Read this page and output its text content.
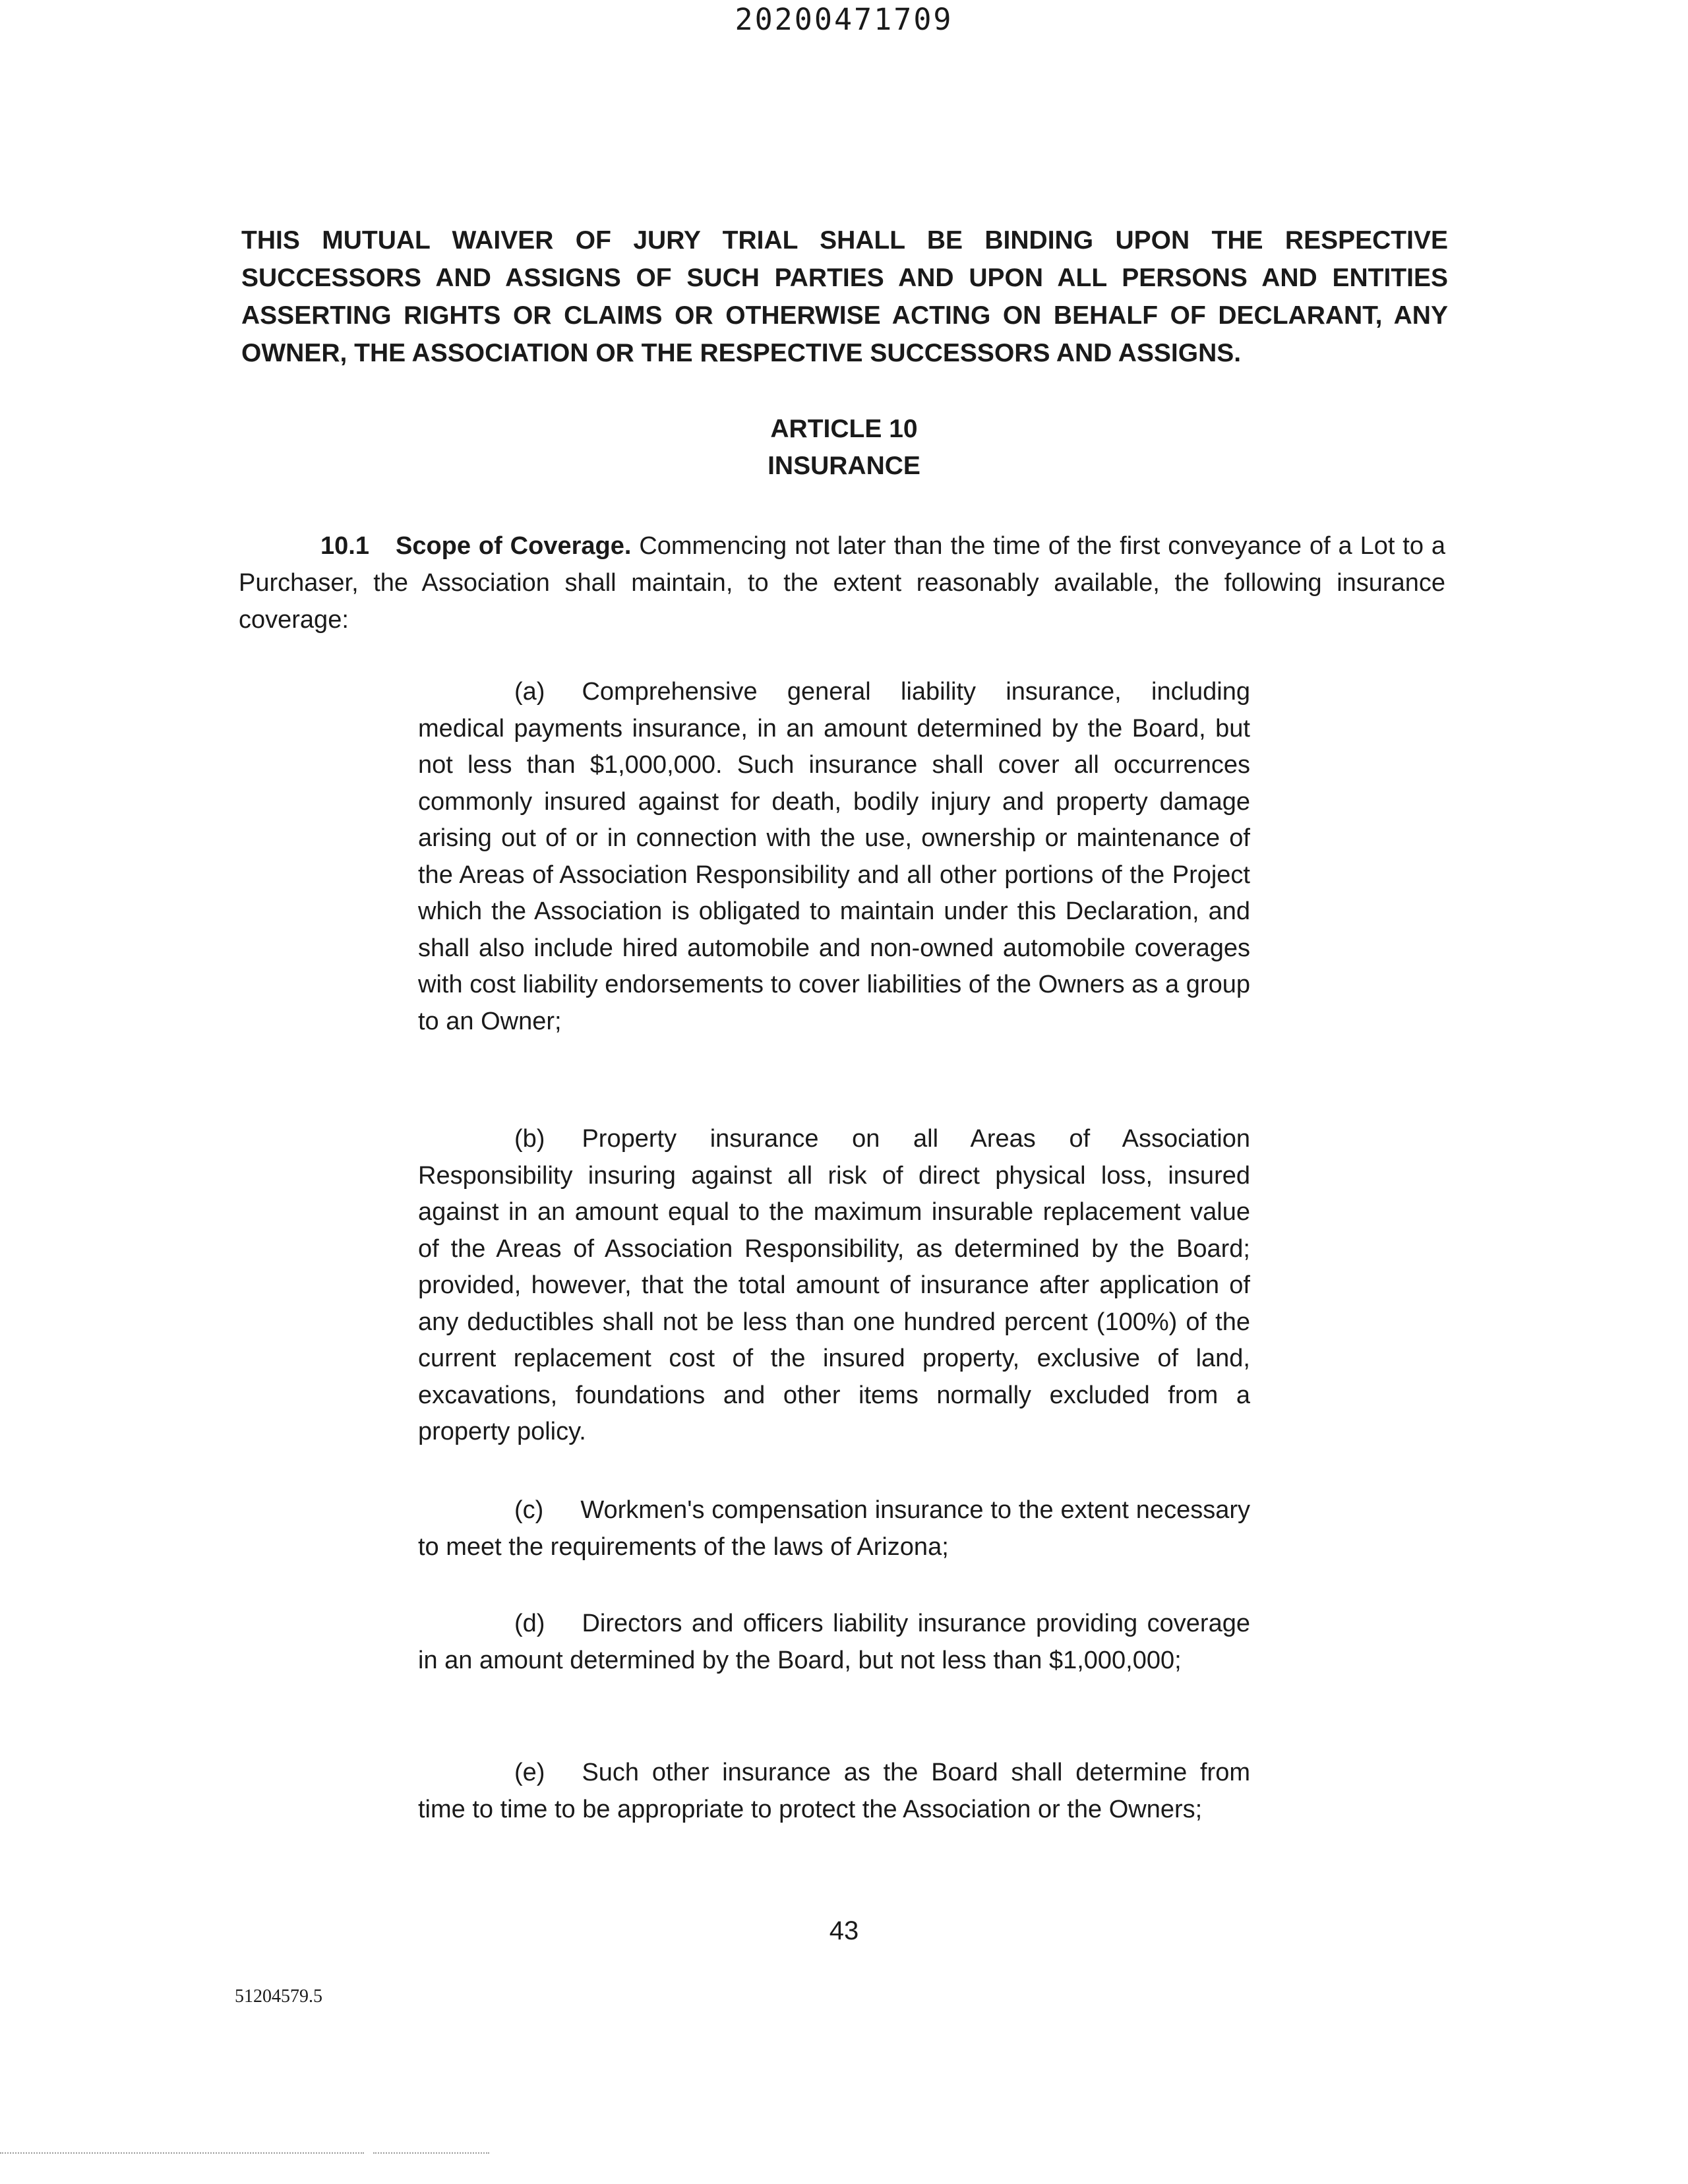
20200471709
THIS MUTUAL WAIVER OF JURY TRIAL SHALL BE BINDING UPON THE RESPECTIVE SUCCESSORS AND ASSIGNS OF SUCH PARTIES AND UPON ALL PERSONS AND ENTITIES ASSERTING RIGHTS OR CLAIMS OR OTHERWISE ACTING ON BEHALF OF DECLARANT, ANY OWNER, THE ASSOCIATION OR THE RESPECTIVE SUCCESSORS AND ASSIGNS.
ARTICLE 10
INSURANCE
10.1 Scope of Coverage. Commencing not later than the time of the first conveyance of a Lot to a Purchaser, the Association shall maintain, to the extent reasonably available, the following insurance coverage:
(a) Comprehensive general liability insurance, including medical payments insurance, in an amount determined by the Board, but not less than $1,000,000. Such insurance shall cover all occurrences commonly insured against for death, bodily injury and property damage arising out of or in connection with the use, ownership or maintenance of the Areas of Association Responsibility and all other portions of the Project which the Association is obligated to maintain under this Declaration, and shall also include hired automobile and non-owned automobile coverages with cost liability endorsements to cover liabilities of the Owners as a group to an Owner;
(b) Property insurance on all Areas of Association Responsibility insuring against all risk of direct physical loss, insured against in an amount equal to the maximum insurable replacement value of the Areas of Association Responsibility, as determined by the Board; provided, however, that the total amount of insurance after application of any deductibles shall not be less than one hundred percent (100%) of the current replacement cost of the insured property, exclusive of land, excavations, foundations and other items normally excluded from a property policy.
(c) Workmen's compensation insurance to the extent necessary to meet the requirements of the laws of Arizona;
(d) Directors and officers liability insurance providing coverage in an amount determined by the Board, but not less than $1,000,000;
(e) Such other insurance as the Board shall determine from time to time to be appropriate to protect the Association or the Owners;
43
51204579.5
